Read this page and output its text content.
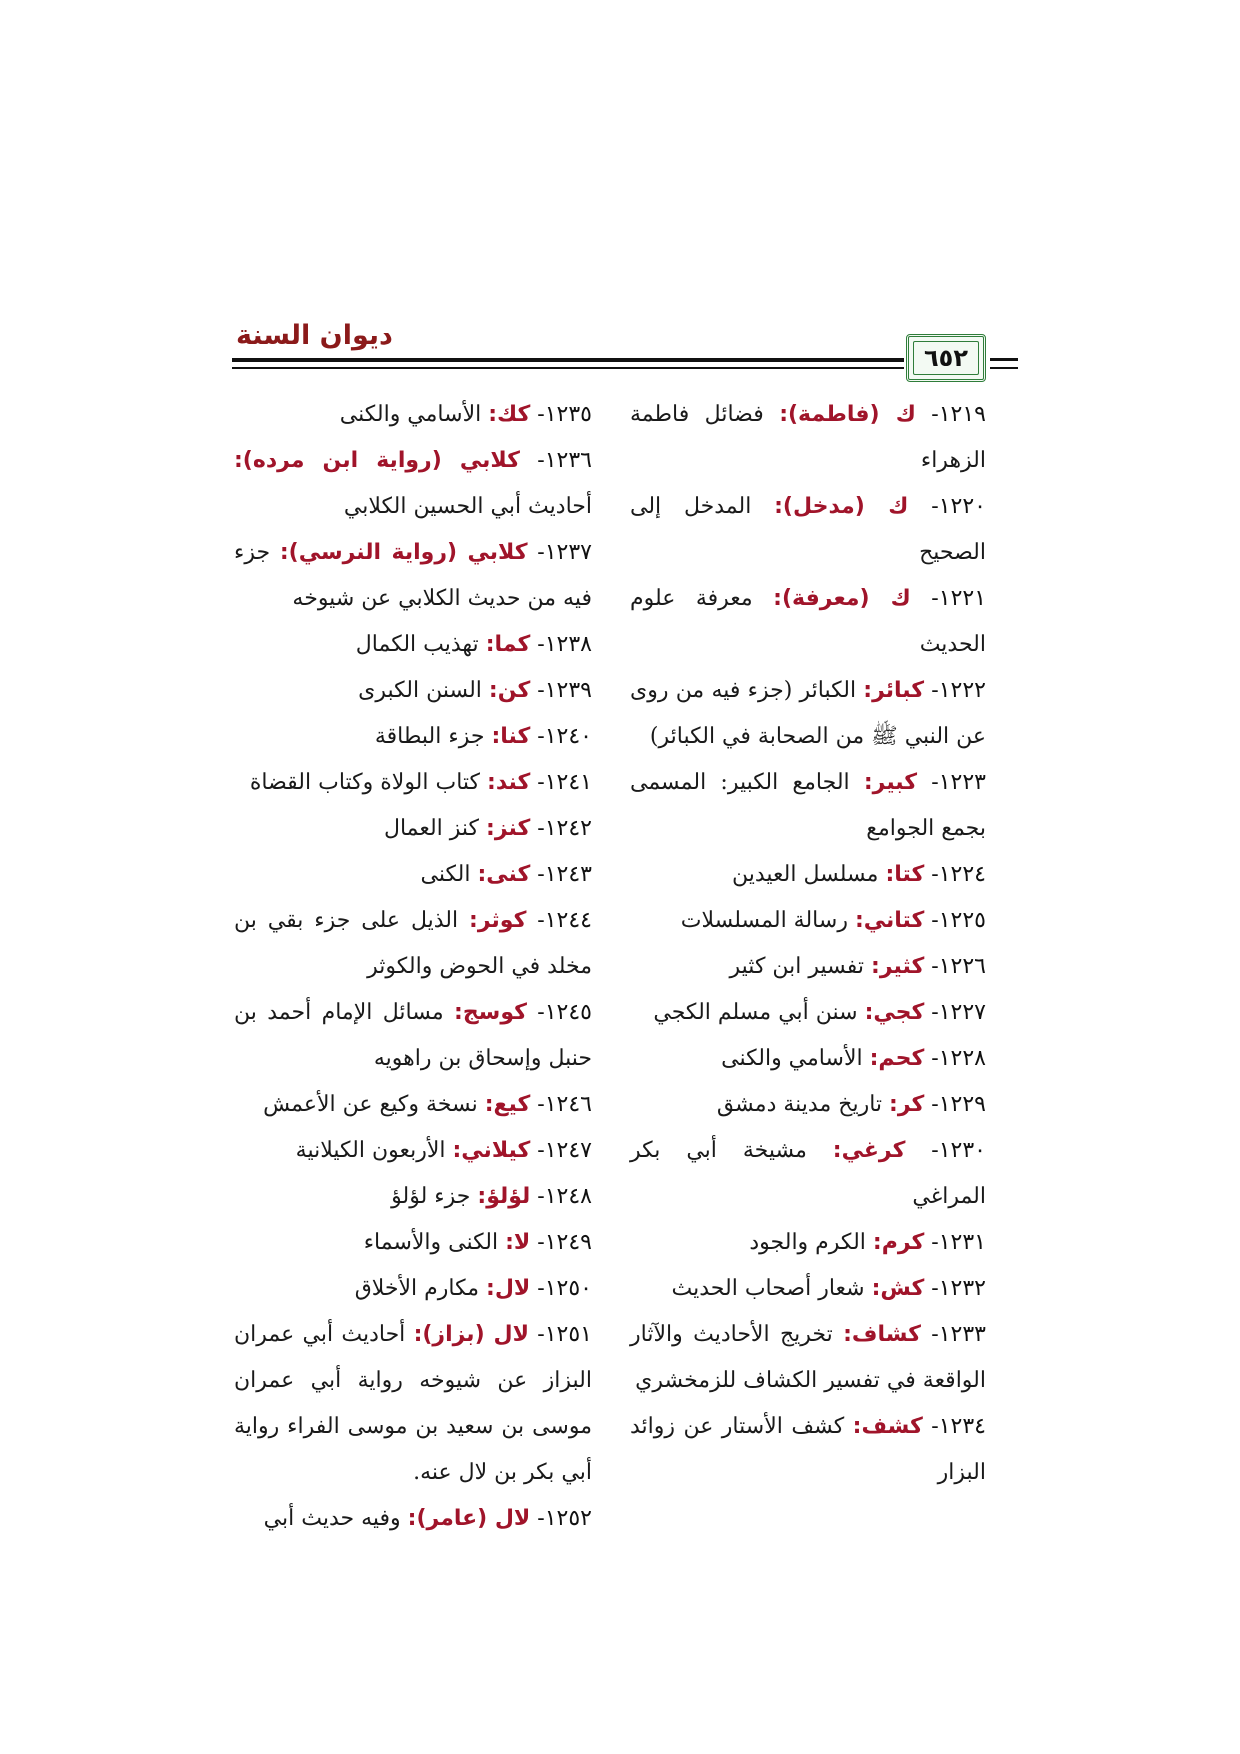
ديوان السنة
٦٥٢

١٢١٩- ك (فاطمة): فضائل فاطمة الزهراء

١٢٢٠- ك (مدخل): المدخل إلى الصحيح

١٢٢١- ك (معرفة): معرفة علوم الحديث

١٢٢٢- كبائر: الكبائر (جزء فيه من روى عن النبي ﷺ من الصحابة في الكبائر)

١٢٢٣- كبير: الجامع الكبير: المسمى بجمع الجوامع

١٢٢٤- كتا: مسلسل العيدين

١٢٢٥- كتاني: رسالة المسلسلات

١٢٢٦- كثير: تفسير ابن كثير

١٢٢٧- كجي: سنن أبي مسلم الكجي

١٢٢٨- كحم: الأسامي والكنى

١٢٢٩- كر: تاريخ مدينة دمشق

١٢٣٠- كرغي: مشيخة أبي بكر المراغي

١٢٣١- كرم: الكرم والجود

١٢٣٢- كش: شعار أصحاب الحديث

١٢٣٣- كشاف: تخريج الأحاديث والآثار الواقعة في تفسير الكشاف للزمخشري

١٢٣٤- كشف: كشف الأستار عن زوائد البزار

١٢٣٥- كك: الأسامي والكنى

١٢٣٦- كلابي (رواية ابن مرده): أحاديث أبي الحسين الكلابي

١٢٣٧- كلابي (رواية النرسي): جزء فيه من حديث الكلابي عن شيوخه

١٢٣٨- كما: تهذيب الكمال

١٢٣٩- كن: السنن الكبرى

١٢٤٠- كنا: جزء البطاقة

١٢٤١- كند: كتاب الولاة وكتاب القضاة

١٢٤٢- كنز: كنز العمال

١٢٤٣- كنى: الكنى

١٢٤٤- كوثر: الذيل على جزء بقي بن مخلد في الحوض والكوثر

١٢٤٥- كوسج: مسائل الإمام أحمد بن حنبل وإسحاق بن راهويه

١٢٤٦- كيع: نسخة وكيع عن الأعمش

١٢٤٧- كيلاني: الأربعون الكيلانية

١٢٤٨- لؤلؤ: جزء لؤلؤ

١٢٤٩- لا: الكنى والأسماء

١٢٥٠- لال: مكارم الأخلاق

١٢٥١- لال (بزاز): أحاديث أبي عمران البزاز عن شيوخه رواية أبي عمران موسى بن سعيد بن موسى الفراء رواية أبي بكر بن لال عنه.

١٢٥٢- لال (عامر): وفيه حديث أبي
